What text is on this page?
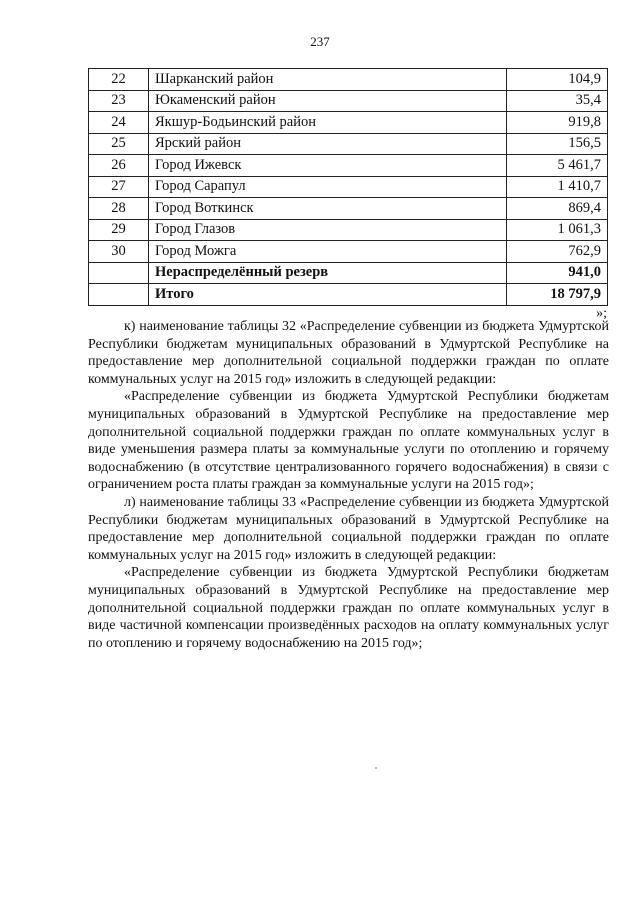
237
22	Шарканский район	104,9
23	Юкаменский район	35,4
24	Якшур-Бодьинский район	919,8
25	Ярский район	156,5
26	Город Ижевск	5 461,7
27	Город Сарапул	1 410,7
28	Город Воткинск	869,4
29	Город Глазов	1 061,3
30	Город Можга	762,9
	Нераспределённый резерв	941,0
	Итого	18 797,9
»;

к) наименование таблицы 32 «Распределение субвенции из бюджета Удмуртской Республики бюджетам муниципальных образований в Удмуртской Республике на предоставление мер дополнительной социальной поддержки граждан по оплате коммунальных услуг на 2015 год» изложить в следующей редакции:

«Распределение субвенции из бюджета Удмуртской Республики бюджетам муниципальных образований в Удмуртской Республике на предоставление мер дополнительной социальной поддержки граждан по оплате коммунальных услуг в виде уменьшения размера платы за коммунальные услуги по отоплению и горячему водоснабжению (в отсутствие централизованного горячего водоснабжения) в связи с ограничением роста платы граждан за коммунальные услуги на 2015 год»;

л) наименование таблицы 33 «Распределение субвенции из бюджета Удмуртской Республики бюджетам муниципальных образований в Удмуртской Республике на предоставление мер дополнительной социальной поддержки граждан по оплате коммунальных услуг на 2015 год» изложить в следующей редакции:

«Распределение субвенции из бюджета Удмуртской Республики бюджетам муниципальных образований в Удмуртской Республике на предоставление мер дополнительной социальной поддержки граждан по оплате коммунальных услуг в виде частичной компенсации произведённых расходов на оплату коммунальных услуг по отоплению и горячему водоснабжению на 2015 год»;
